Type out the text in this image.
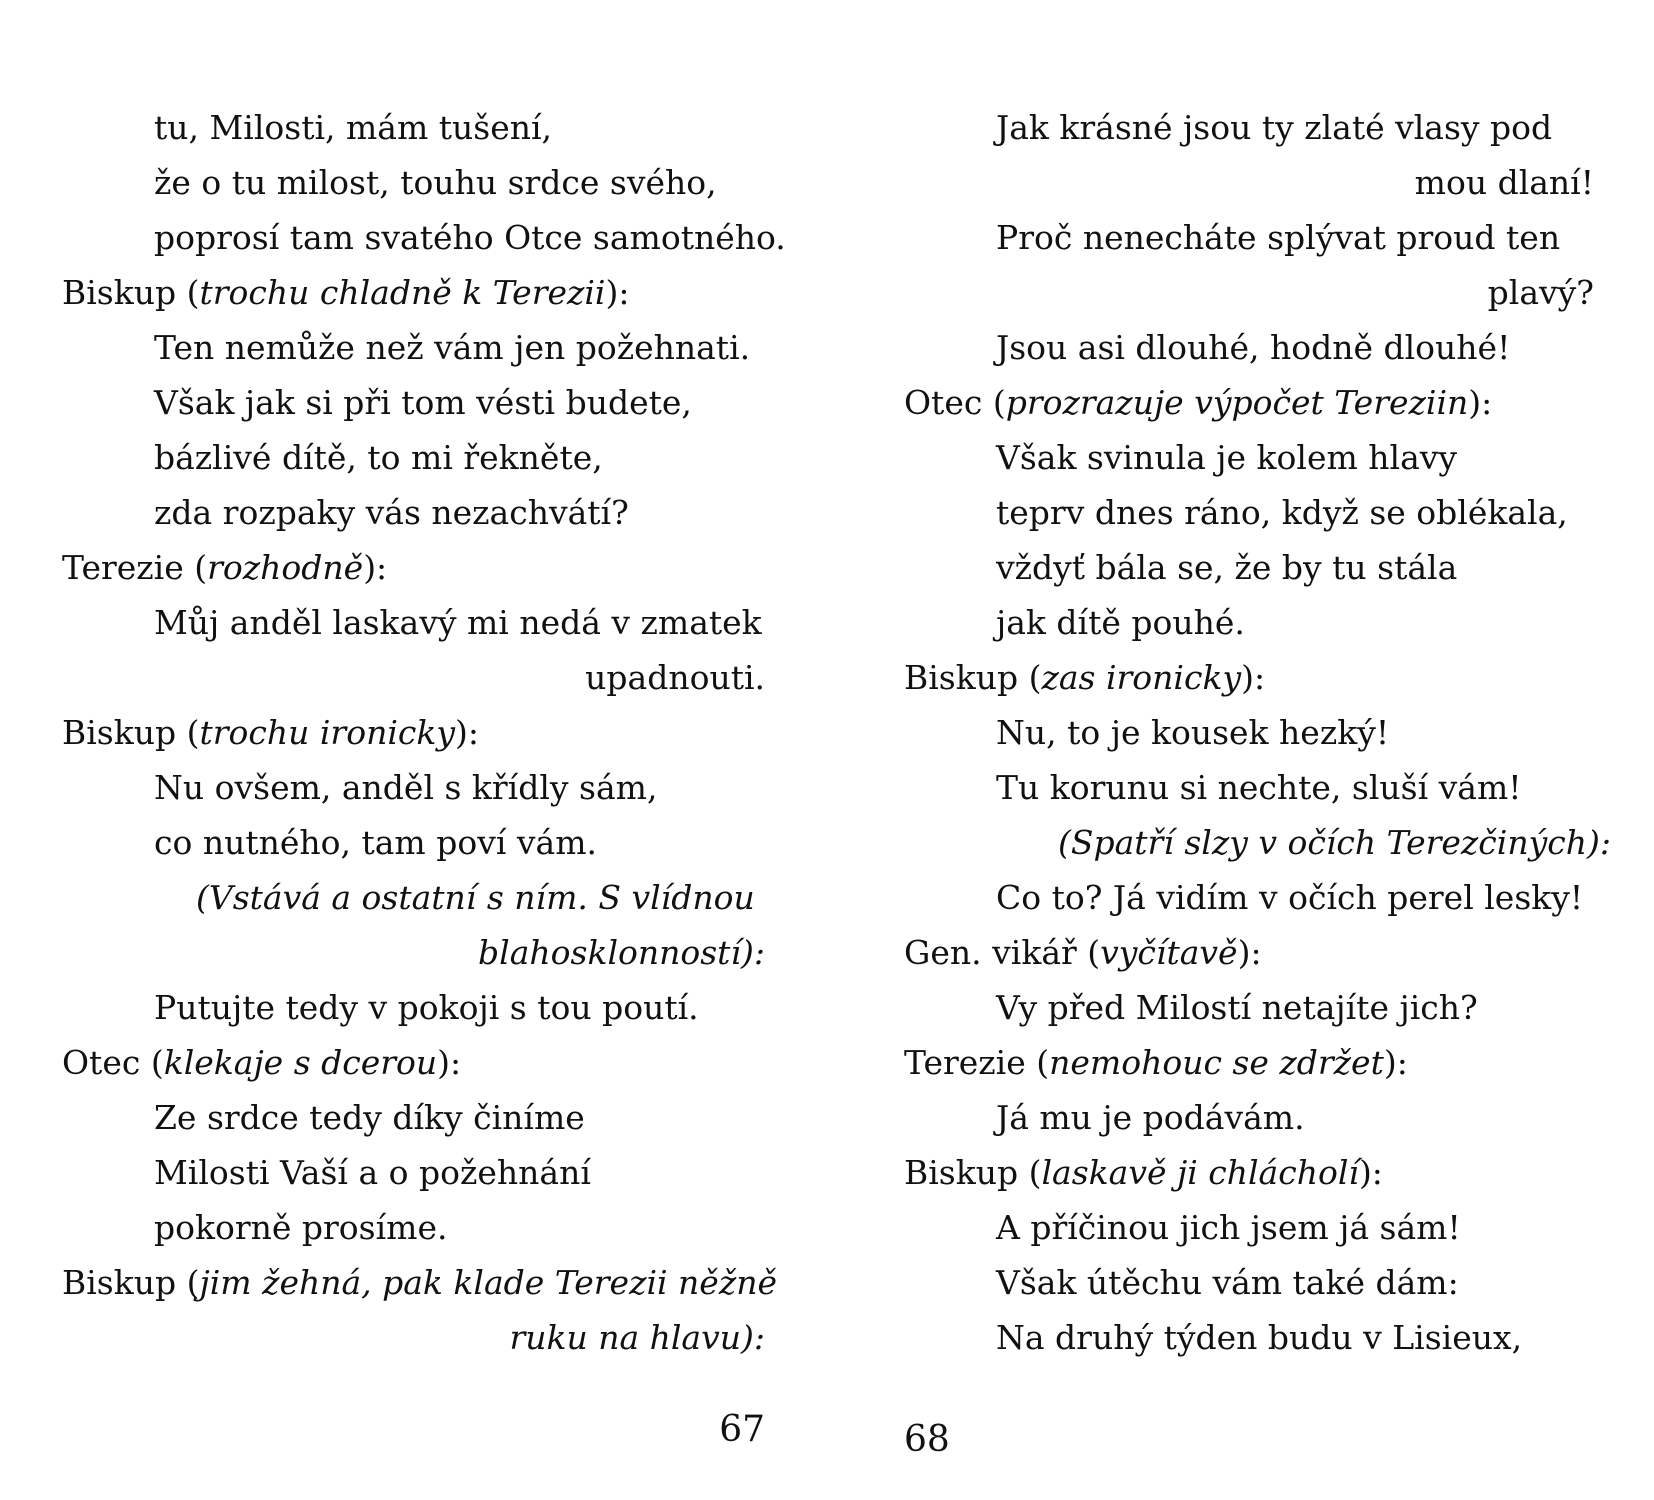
tu, Milosti, mám tušení,
že o tu milost, touhu srdce svého,
poprosí tam svatého Otce samotného.
Biskup (trochu chladně k Terezii):
Ten nemůže než vám jen požehnati.
Však jak si při tom vésti budete,
bázlivé dítě, to mi řekněte,
zda rozpaky vás nezachvátí?
Terezie (rozhodně):
Můj anděl laskavý mi nedá v zmatek
upadnouti.
Biskup (trochu ironicky):
Nu ovšem, anděl s křídly sám,
co nutného, tam poví vám.
(Vstává a ostatní s ním. S vlídnou
blahosklonností):
Putujte tedy v pokoji s tou poutí.
Otec (klekaje s dcerou):
Ze srdce tedy díky činíme
Milosti Vaší a o požehnání
pokorně prosíme.
Biskup (jim žehná, pak klade Terezii něžně
ruku na hlavu):
67
Jak krásné jsou ty zlaté vlasy pod
mou dlaní!
Proč nenecháte splývat proud ten
plavý?
Jsou asi dlouhé, hodně dlouhé!
Otec (prozrazuje výpočet Tereziin):
Však svinula je kolem hlavy
teprv dnes ráno, když se oblékala,
vždyť bála se, že by tu stála
jak dítě pouhé.
Biskup (zas ironicky):
Nu, to je kousek hezký!
Tu korunu si nechte, sluší vám!
(Spatří slzy v očích Terezčiných):
Co to? Já vidím v očích perel lesky!
Gen. vikář (vyčítavě):
Vy před Milostí netajíte jich?
Terezie (nemohouc se zdržet):
Já mu je podávám.
Biskup (laskavě ji chlácholí):
A příčinou jich jsem já sám!
Však útěchu vám také dám:
Na druhý týden budu v Lisieux,
68
